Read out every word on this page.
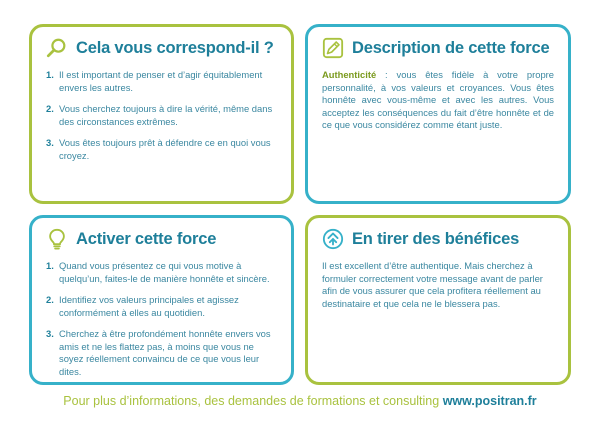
Cela vous correspond-il ?
1. Il est important de penser et d’agir équitablement envers les autres.
2. Vous cherchez toujours à dire la vérité, même dans des circonstances extrêmes.
3. Vous êtes toujours prêt à défendre ce en quoi vous croyez.
Description de cette force

Authenticité : vous êtes fidèle à votre propre personnalité, à vos valeurs et croyances. Vous êtes honnête avec vous-même et avec les autres. Vous acceptez les conséquences du fait d’être honnête et de ce que vous considérez comme étant juste.

Activer cette force
1. Quand vous présentez ce qui vous motive à quelqu’un, faites-le de manière honnête et sincère.
2. Identifiez vos valeurs principales et agissez conformément à elles au quotidien.
3. Cherchez à être profondément honnête envers vos amis et ne les flattez pas, à moins que vous ne soyez réellement convaincu de ce que vous leur dites.
En tirer des bénéfices

Il est excellent d’être authentique. Mais cherchez à formuler correctement votre message avant de parler afin de vous assurer que cela profitera réellement au destinataire et que cela ne le blessera pas.

Pour plus d’informations, des demandes de formations et consulting www.positran.fr
